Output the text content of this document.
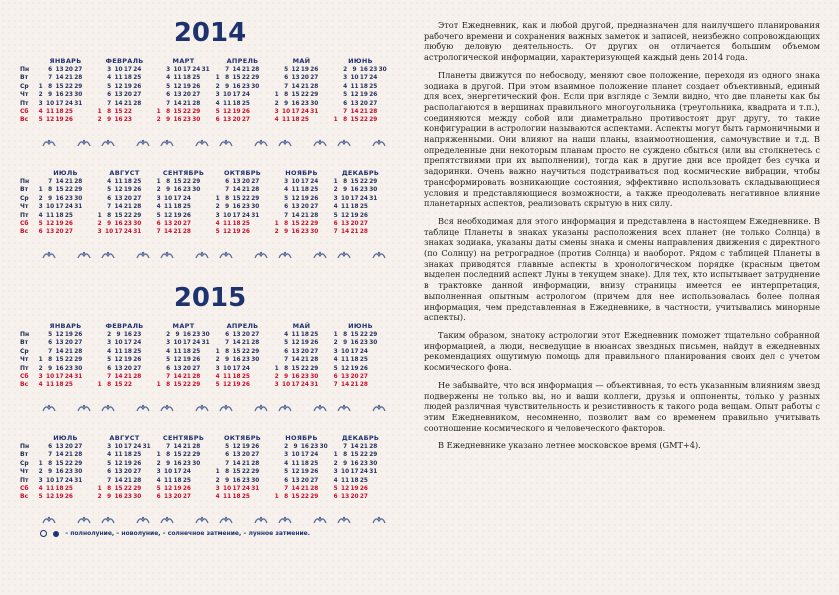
2014
Пн
Вт
Ср
Чт
Пт
Сб
Вс
ЯНВАРЬ
6 13 20 27
7 14 21 28
1 8 15 22 29
2 9 16 23 30
3 10 17 24 31
4 11 18 25
5 12 19 26
ФЕВРАЛЬ
3 10 17 24
4 11 18 25
5 12 19 26
6 13 20 27
7 14 21 28
1 8 15 22
2 9 16 23
МАРТ
3 10 17 24 31
4 11 18 25
5 12 19 26
6 13 20 27
7 14 21 28
1 8 15 22 29
2 9 16 23 30
АПРЕЛЬ
7 14 21 28
1 8 15 22 29
2 9 16 23 30
3 10 17 24
4 11 18 25
5 12 19 26
6 13 20 27
МАЙ
5 12 19 26
6 13 20 27
7 14 21 28
1 8 15 22 29
2 9 16 23 30
3 10 17 24 31
4 11 18 25
ИЮНЬ
2 9 16 23 30
3 10 17 24
4 11 18 25
5 12 19 26
6 13 20 27
7 14 21 28
1 8 15 22 29
Пн
Вт
Ср
Чт
Пт
Сб
Вс
ИЮЛЬ
7 14 21 28
1 8 15 22 29
2 9 16 23 30
3 10 17 24 31
4 11 18 25
5 12 19 26
6 13 20 27
АВГУСТ
4 11 18 25
5 12 19 26
6 13 20 27
7 14 21 28
1 8 15 22 29
2 9 16 23 30
3 10 17 24 31
СЕНТЯБРЬ
1 8 15 22 29
2 9 16 23 30
3 10 17 24
4 11 18 25
5 12 19 26
6 13 20 27
7 14 21 28
ОКТЯБРЬ
6 13 20 27
7 14 21 28
1 8 15 22 29
2 9 16 23 30
3 10 17 24 31
4 11 18 25
5 12 19 26
НОЯБРЬ
3 10 17 24
4 11 18 25
5 12 19 26
6 13 20 27
7 14 21 28
1 8 15 22 29
2 9 16 23 30
ДЕКАБРЬ
1 8 15 22 29
2 9 16 23 30
3 10 17 24 31
4 11 18 25
5 12 19 26
6 13 20 27
7 14 21 28
2015
Пн
Вт
Ср
Чт
Пт
Сб
Вс
ЯНВАРЬ
5 12 19 26
6 13 20 27
7 14 21 28
1 8 15 22 29
2 9 16 23 30
3 10 17 24 31
4 11 18 25
ФЕВРАЛЬ
2 9 16 23
3 10 17 24
4 11 18 25
5 12 19 26
6 13 20 27
7 14 21 28
1 8 15 22
МАРТ
2 9 16 23 30
3 10 17 24 31
4 11 18 25
5 12 19 26
6 13 20 27
7 14 21 28
1 8 15 22 29
АПРЕЛЬ
6 13 20 27
7 14 21 28
1 8 15 22 29
2 9 16 23 30
3 10 17 24
4 11 18 25
5 12 19 26
МАЙ
4 11 18 25
5 12 19 26
6 13 20 27
7 14 21 28
1 8 15 22 29
2 9 16 23 30
3 10 17 24 31
ИЮНЬ
1 8 15 22 29
2 9 16 23 30
3 10 17 24
4 11 18 25
5 12 19 26
6 13 20 27
7 14 21 28
Пн
Вт
Ср
Чт
Пт
Сб
Вс
ИЮЛЬ
6 13 20 27
7 14 21 28
1 8 15 22 29
2 9 16 23 30
3 10 17 24 31
4 11 18 25
5 12 19 26
АВГУСТ
3 10 17 24 31
4 11 18 25
5 12 19 26
6 13 20 27
7 14 21 28
1 8 15 22 29
2 9 16 23 30
СЕНТЯБРЬ
7 14 21 28
1 8 15 22 29
2 9 16 23 30
3 10 17 24
4 11 18 25
5 12 19 26
6 13 20 27
ОКТЯБРЬ
5 12 19 26
6 13 20 27
7 14 21 28
1 8 15 22 29
2 9 16 23 30
3 10 17 24 31
4 11 18 25
НОЯБРЬ
2 9 16 23 30
3 10 17 24
4 11 18 25
5 12 19 26
6 13 20 27
7 14 21 28
1 8 15 22 29
ДЕКАБРЬ
7 14 21 28
1 8 15 22 29
2 9 16 23 30
3 10 17 24 31
4 11 18 25
5 12 19 26
6 13 20 27
– полнолуние, – новолуние, – солнечное затмение, – лунное затмение.

Этот Ежедневник, как и любой другой, предназначен для наилучшего планирования рабочего времени и сохранения важных заметок и записей, неизбежно сопровождающих любую деловую деятельность. От других он отличается большим объемом астрологической информации, характеризующей каждый день 2014 года.

Планеты движутся по небосводу, меняют свое положение, переходя из одного знака зодиака в другой. При этом взаимное положение планет создает объективный, единый для всех, энергетический фон. Если при взгляде с Земли видно, что две планеты как бы располагаются в вершинах правильного многоугольника (треугольника, квадрата и т.п.), соединяются между собой или диаметрально противостоят друг другу, то такие конфигурации в астрологии называются аспектами. Аспекты могут быть гармоничными и напряженными. Они влияют на наши планы, взаимоотношения, самочувствие и т.д. В определенные дни некоторым планам просто не суждено сбыться (или вы столкнетесь с препятствиями при их выполнении), тогда как в другие дни все пройдет без сучка и задоринки. Очень важно научиться подстраиваться под космические вибрации, чтобы трансформировать возникающие состояния, эффективно использовать складывающиеся условия и представляющиеся возможности, а также преодолевать негативное влияние планетарных аспектов, реализовать скрытую в них силу.

Вся необходимая для этого информация и представлена в настоящем Ежедневнике. В таблице Планеты в знаках указаны расположения всех планет (не только Солнца) в знаках зодиака, указаны даты смены знака и смены направления движения с директного (по Солнцу) на ретроградное (против Солнца) и наоборот. Рядом с таблицей Планеты в знаках приводятся главные аспекты в хронологическом порядке (красным цветом выделен последний аспект Луны в текущем знаке). Для тех, кто испытывает затруднение в трактовке данной информации, внизу страницы имеется ее интерпретация, выполненная опытным астрологом (причем для нее использовалась более полная информация, чем представленная в Ежедневнике, в частности, учитывались минорные аспекты).

Таким образом, знатоку астрологии этот Ежедневник поможет тщательно собранной информацией, а люди, несведущие в нюансах звездных письмен, найдут в ежедневных рекомендациях ощутимую помощь для правильного планирования своих дел с учетом космического фона.

Не забывайте, что вся информация — объективная, то есть указанным влияниям звезд подвержены не только вы, но и ваши коллеги, друзья и оппоненты, только у разных людей различная чувствительность и резистивность к такого рода вещам. Опыт работы с этим Ежедневником, несомненно, позволит вам со временем правильно учитывать соотношение космического и человеческого факторов.

В Ежедневнике указано летнее московское время (GMT+4).
